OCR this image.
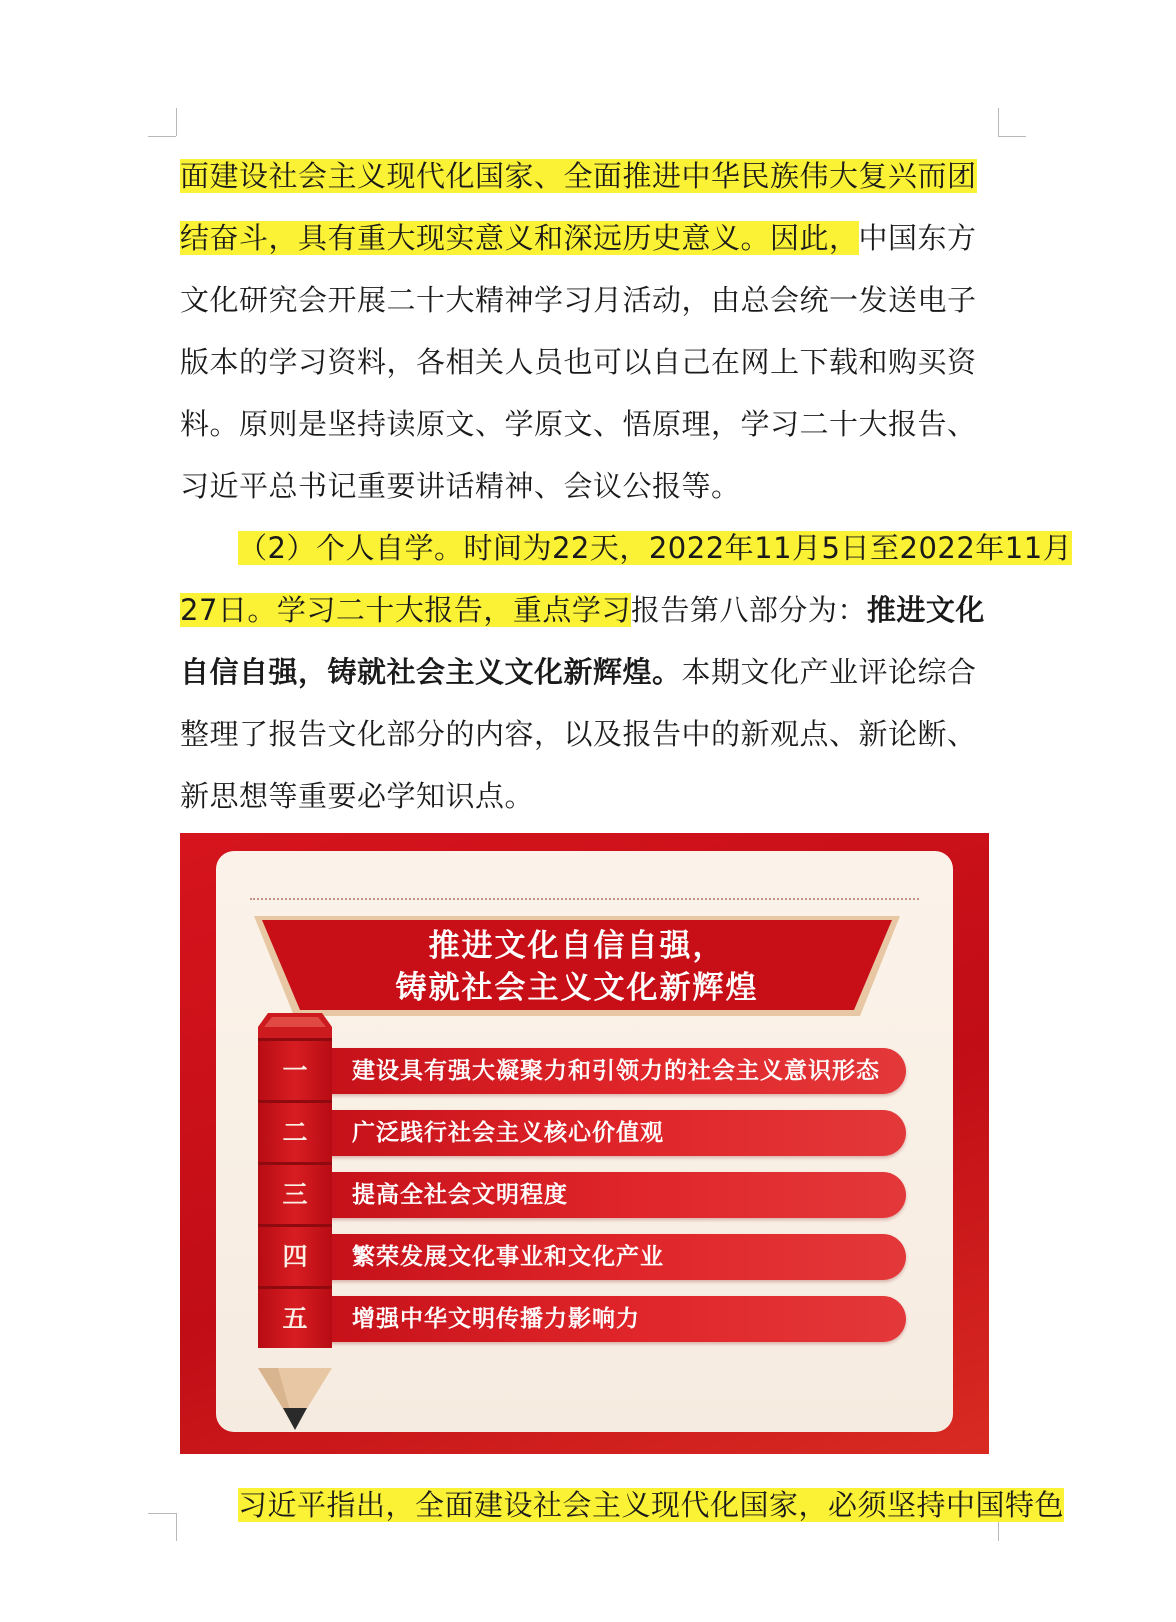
面建设社会主义现代化国家、全面推进中华民族伟大复兴而团
结奋斗，具有重大现实意义和深远历史意义。因此，中国东方
文化研究会开展二十大精神学习月活动，由总会统一发送电子
版本的学习资料，各相关人员也可以自己在网上下载和购买资
料。原则是坚持读原文、学原文、悟原理，学习二十大报告、
习近平总书记重要讲话精神、会议公报等。
（2）个人自学。时间为22天，2022年11月5日至2022年11月
27日。学习二十大报告，重点学习报告第八部分为：推进文化
自信自强，铸就社会主义文化新辉煌。本期文化产业评论综合
整理了报告文化部分的内容，以及报告中的新观点、新论断、
新思想等重要必学知识点。
推进文化自信自强，
铸就社会主义文化新辉煌
一	建设具有强大凝聚力和引领力的社会主义意识形态
二	广泛践行社会主义核心价值观
三	提高全社会文明程度
四	繁荣发展文化事业和文化产业
五	增强中华文明传播力影响力
习近平指出，全面建设社会主义现代化国家，必须坚持中国特色
